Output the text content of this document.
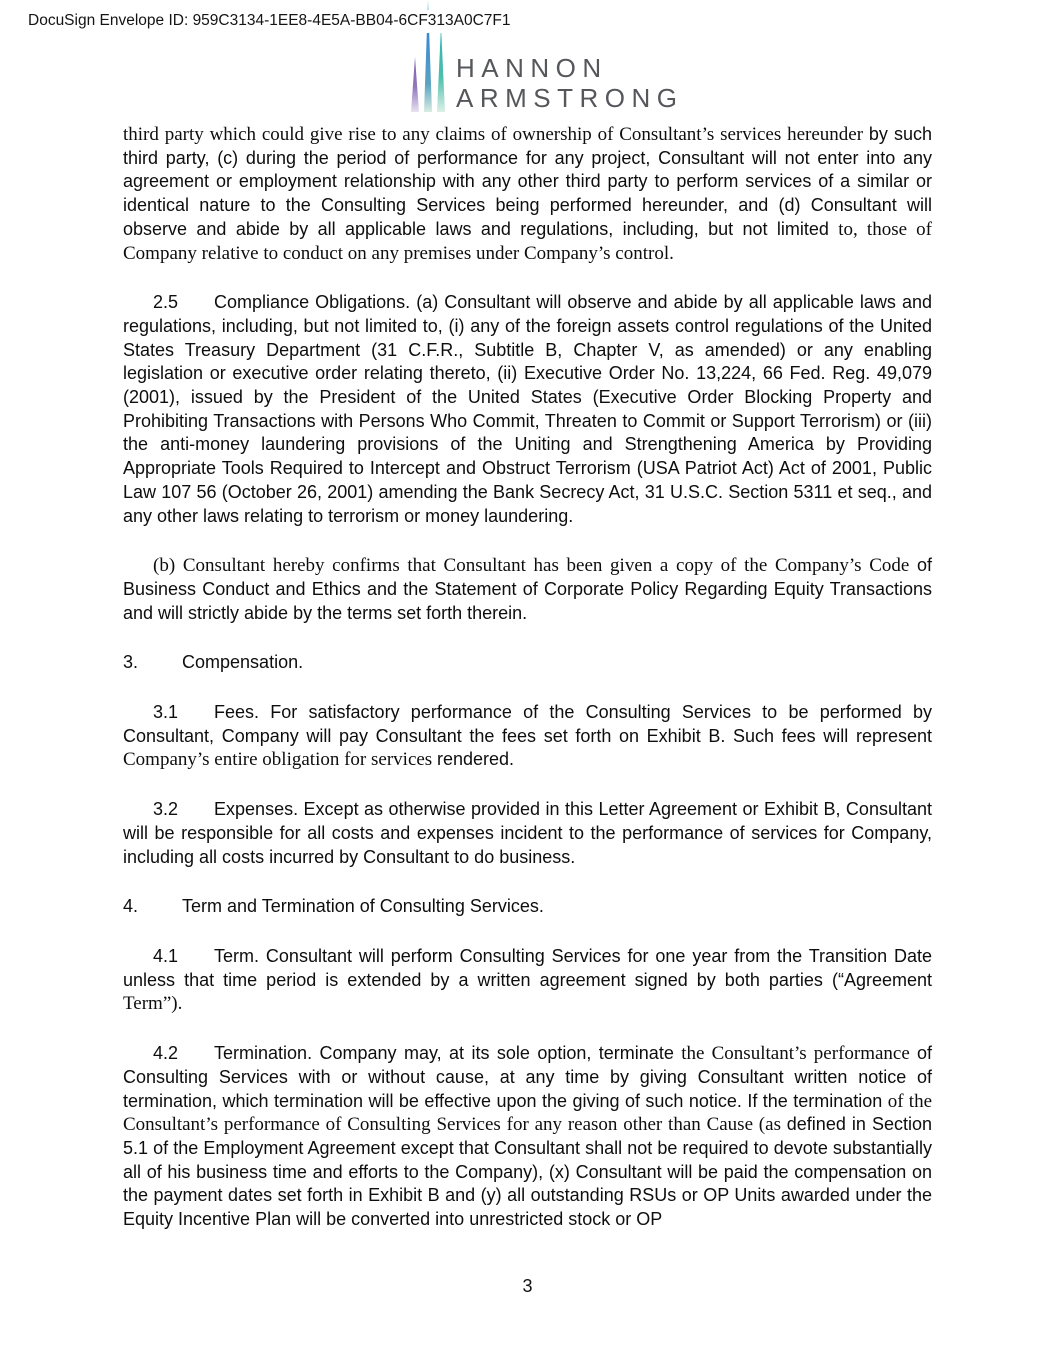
HANNON
ARMSTRONG
DocuSign Envelope ID: 959C3134-1EE8-4E5A-BB04-6CF313A0C7F1

third party which could give rise to any claims of ownership of Consultant’s services hereunder by such third party, (c) during the period of performance for any project, Consultant will not enter into any agreement or employment relationship with any other third party to perform services of a similar or identical nature to the Consulting Services being performed hereunder, and (d) Consultant will observe and abide by all applicable laws and regulations, including, but not limited to, those of Company relative to conduct on any premises under Company’s control.

2.5 Compliance Obligations. (a) Consultant will observe and abide by all applicable laws and regulations, including, but not limited to, (i) any of the foreign assets control regulations of the United States Treasury Department (31 C.F.R., Subtitle B, Chapter V, as amended) or any enabling legislation or executive order relating thereto, (ii) Executive Order No. 13,224, 66 Fed. Reg. 49,079 (2001), issued by the President of the United States (Executive Order Blocking Property and Prohibiting Transactions with Persons Who Commit, Threaten to Commit or Support Terrorism) or (iii) the anti-money laundering provisions of the Uniting and Strengthening America by Providing Appropriate Tools Required to Intercept and Obstruct Terrorism (USA Patriot Act) Act of 2001, Public Law 107 56 (October 26, 2001) amending the Bank Secrecy Act, 31 U.S.C. Section 5311 et seq., and any other laws relating to terrorism or money laundering.

(b) Consultant hereby confirms that Consultant has been given a copy of the Company’s Code of Business Conduct and Ethics and the Statement of Corporate Policy Regarding Equity Transactions and will strictly abide by the terms set forth therein.

3. Compensation.

3.1 Fees. For satisfactory performance of the Consulting Services to be performed by Consultant, Company will pay Consultant the fees set forth on Exhibit B. Such fees will represent Company’s entire obligation for services rendered.

3.2 Expenses. Except as otherwise provided in this Letter Agreement or Exhibit B, Consultant will be responsible for all costs and expenses incident to the performance of services for Company, including all costs incurred by Consultant to do business.

4. Term and Termination of Consulting Services.

4.1 Term. Consultant will perform Consulting Services for one year from the Transition Date unless that time period is extended by a written agreement signed by both parties (“Agreement Term”).

4.2 Termination. Company may, at its sole option, terminate the Consultant’s performance of Consulting Services with or without cause, at any time by giving Consultant written notice of termination, which termination will be effective upon the giving of such notice. If the termination of the Consultant’s performance of Consulting Services for any reason other than Cause (as defined in Section 5.1 of the Employment Agreement except that Consultant shall not be required to devote substantially all of his business time and efforts to the Company), (x) Consultant will be paid the compensation on the payment dates set forth in Exhibit B and (y) all outstanding RSUs or OP Units awarded under the Equity Incentive Plan will be converted into unrestricted stock or OP

3
